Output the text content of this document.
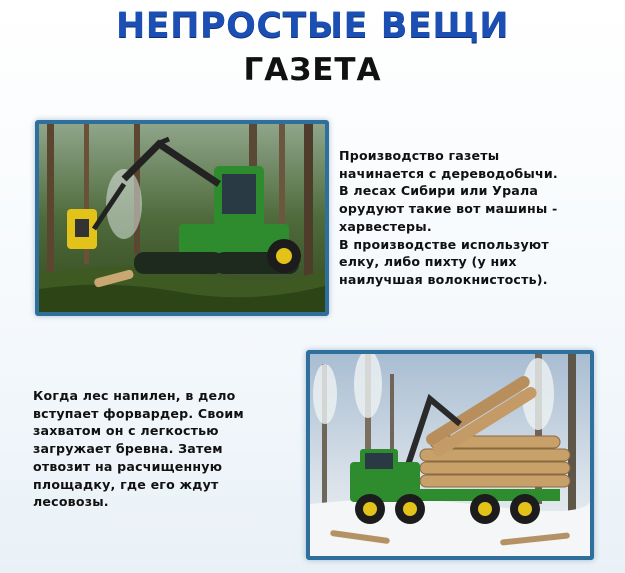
НЕПРОСТЫЕ ВЕЩИ
ГАЗЕТА
Производство газеты
начинается с дереводобычи.
В лесах Сибири или Урала
орудуют такие вот машины -
харвестеры.
В производстве используют
елку, либо пихту (у них
наилучшая волокнистость).
Когда лес напилен, в дело
вступает форвардер. Своим
захватом он с легкостью
загружает бревна. Затем
отвозит на расчищенную
площадку, где его ждут
лесовозы.
